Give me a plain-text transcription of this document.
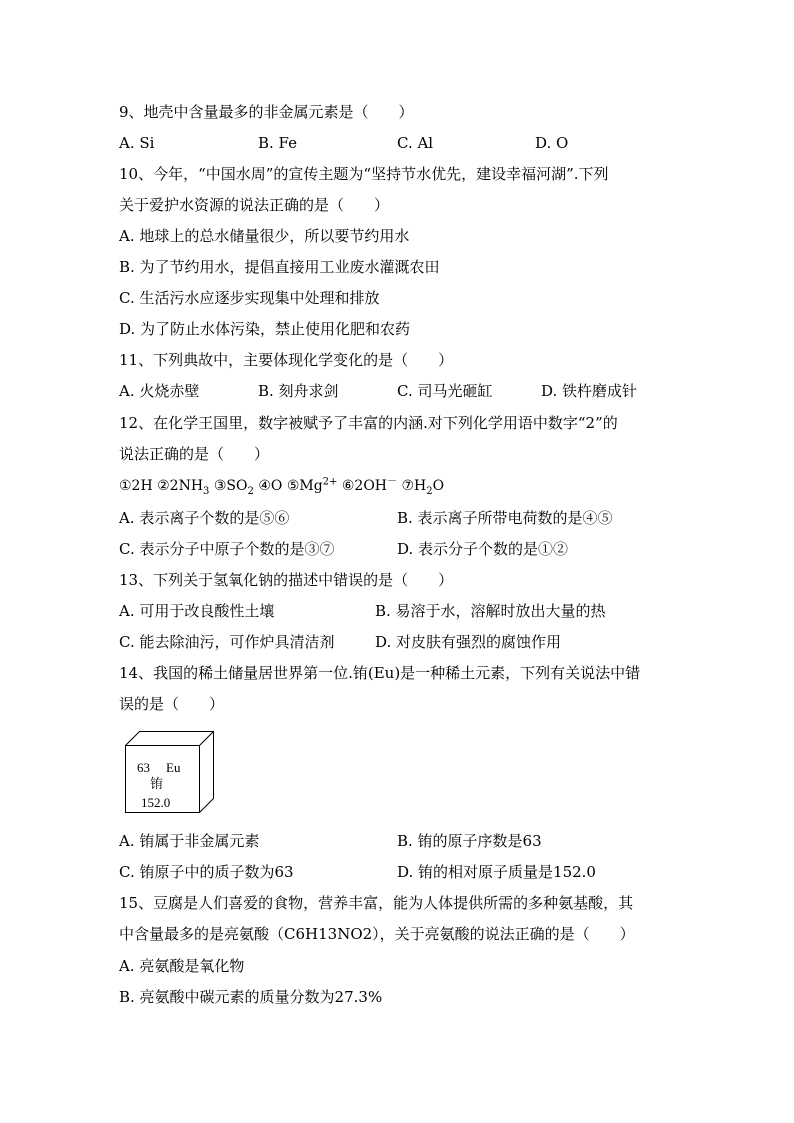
9、地壳中含量最多的非金属元素是（　　）
A. Si	B. Fe	C. Al	D. O
10、今年，“中国水周”的宣传主题为“坚持节水优先，建设幸福河湖”.下列
关于爱护水资源的说法正确的是（　　）
A. 地球上的总水储量很少，所以要节约用水
B. 为了节约用水，提倡直接用工业废水灌溉农田
C. 生活污水应逐步实现集中处理和排放
D. 为了防止水体污染，禁止使用化肥和农药
11、下列典故中，主要体现化学变化的是（　　）
A. 火烧赤壁	B. 刻舟求剑	C. 司马光砸缸	D. 铁杵磨成针
12、在化学王国里，数字被赋予了丰富的内涵.对下列化学用语中数字“2”的
说法正确的是（　　）
①2H $②2NH_3$ $③SO_2$ ④O $⑤Mg^{2+}$ ⑥2OH－ $⑦H_2O$
A. 表示离子个数的是⑤⑥	B. 表示离子所带电荷数的是④⑤
C. 表示分子中原子个数的是③⑦	D. 表示分子个数的是①②
13、下列关于氢氧化钠的描述中错误的是（　　）
A. 可用于改良酸性土壤	B. 易溶于水，溶解时放出大量的热
C. 能去除油污，可作炉具清洁剂	D. 对皮肤有强烈的腐蚀作用
14、我国的稀土储量居世界第一位.铕(Eu)是一种稀土元素，下列有关说法中错
误的是（　　）
63 Eu
铕
152.0
A. 铕属于非金属元素	B. 铕的原子序数是63
C. 铕原子中的质子数为63	D. 铕的相对原子质量是152.0
15、豆腐是人们喜爱的食物，营养丰富，能为人体提供所需的多种氨基酸，其
中含量最多的是亮氨酸（C6H13NO2），关于亮氨酸的说法正确的是（　　）
A. 亮氨酸是氧化物
B. 亮氨酸中碳元素的质量分数为27.3%
